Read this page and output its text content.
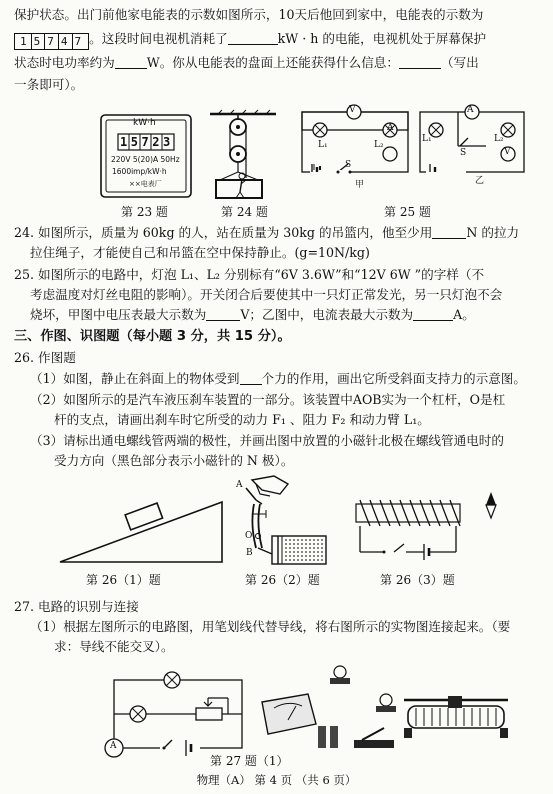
保护状态。出门前他家电能表的示数如图所示，10天后他回到家中，电能表的示数为
1 5 7 4 7 。这段时间电视机消耗了	kW · h 的电能，电视机处于屏幕保护
状态时电功率约为	W。你从电能表的盘面上还能获得什么信息：	（写出
一条即可）。
kW·h
15723
220V 5(20)A 50Hz
1600imp/kW·h
××电表厂
V
A
A
V
L₁	L₂
L₁	L₂
S
S
甲	乙
第 23 题	第 24 题	第 25 题
24. 如图所示，质量为 60kg 的人，站在质量为 30kg 的吊篮内，他至少用	N 的拉力
拉住绳子，才能使自己和吊篮在空中保持静止。(g=10N/kg)
25. 如图所示的电路中，灯泡 L₁、L₂ 分别标有“6V 3.6W”和“12V 6W ”的字样（不
考虑温度对灯丝电阻的影响）。开关闭合后要使其中一只灯正常发光，另一只灯泡不会
烧坏，甲图中电压表最大示数为	V；乙图中，电流表最大示数为	A。
三、作图、识图题（每小题 3 分，共 15 分）。
26. 作图题
（1）如图，静止在斜面上的物体受到 个力的作用，画出它所受斜面支持力的示意图。
（2）如图所示的是汽车液压刹车装置的一部分。该装置中AOB实为一个杠杆，O是杠
杆的支点，请画出刹车时它所受的动力 F₁ 、阻力 F₂ 和动力臂 L₁。
（3）请标出通电螺线管两端的极性，并画出图中放置的小磁针北极在螺线管通电时的
受力方向（黑色部分表示小磁针的 N 极）。
A
O
B
第 26（1）题	第 26（2）题	第 26（3）题
27. 电路的识别与连接
（1）根据左图所示的电路图，用笔划线代替导线，将右图所示的实物图连接起来。（要
求：导线不能交叉）。
A
第 27 题（1）
物理（A） 第 4 页 （共 6 页）
